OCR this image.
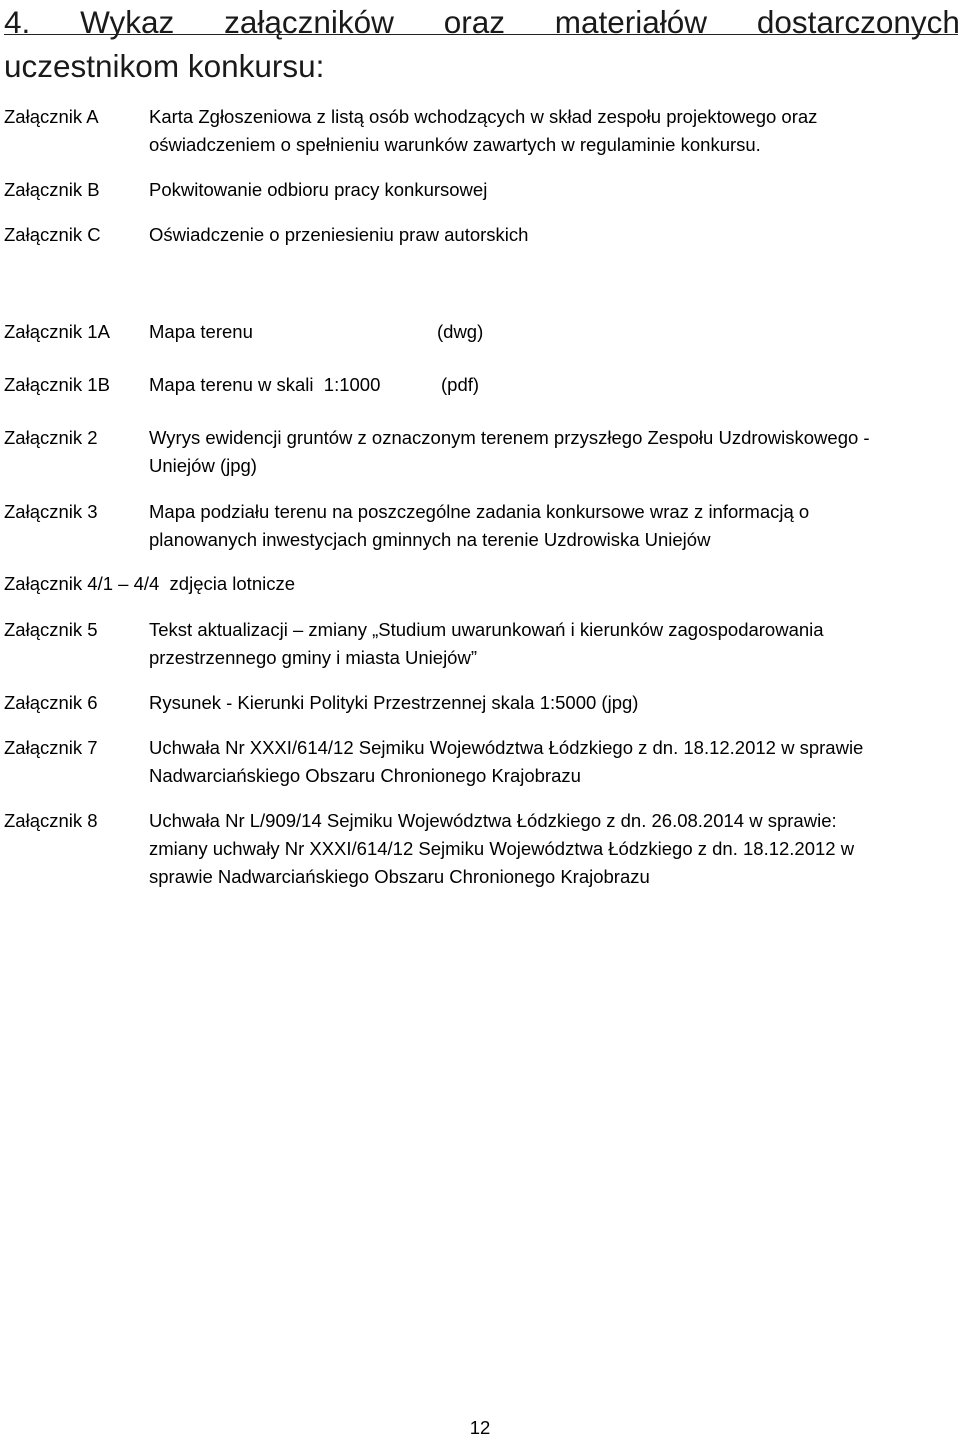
4. Wykaz załączników oraz materiałów dostarczonych
uczestnikom konkursu:
Załącznik A	Karta Zgłoszeniowa z listą osób wchodzących w skład zespołu projektowego oraz
oświadczeniem o spełnieniu warunków zawartych w regulaminie konkursu.
Załącznik B	Pokwitowanie odbioru pracy konkursowej
Załącznik C	Oświadczenie o przeniesieniu praw autorskich
Załącznik 1A Mapa terenu	(dwg)
Załącznik 1B Mapa terenu w skali  1:1000	(pdf)
Załącznik 2	Wyrys ewidencji gruntów z oznaczonym terenem przyszłego Zespołu Uzdrowiskowego -
Uniejów (jpg)
Załącznik 3	Mapa podziału terenu na poszczególne zadania konkursowe wraz z informacją o
planowanych inwestycjach gminnych na terenie Uzdrowiska Uniejów
Załącznik 4/1 – 4/4  zdjęcia lotnicze
Załącznik 5	Tekst aktualizacji – zmiany „Studium uwarunkowań i kierunków zagospodarowania
przestrzennego gminy i miasta Uniejów”
Załącznik 6	Rysunek - Kierunki Polityki Przestrzennej skala 1:5000 (jpg)
Załącznik 7	Uchwała Nr XXXI/614/12 Sejmiku Województwa Łódzkiego z dn. 18.12.2012 w sprawie
Nadwarciańskiego Obszaru Chronionego Krajobrazu
Załącznik 8	Uchwała Nr L/909/14 Sejmiku Województwa Łódzkiego z dn. 26.08.2014 w sprawie:
zmiany uchwały Nr XXXI/614/12 Sejmiku Województwa Łódzkiego z dn. 18.12.2012 w
sprawie Nadwarciańskiego Obszaru Chronionego Krajobrazu
12
